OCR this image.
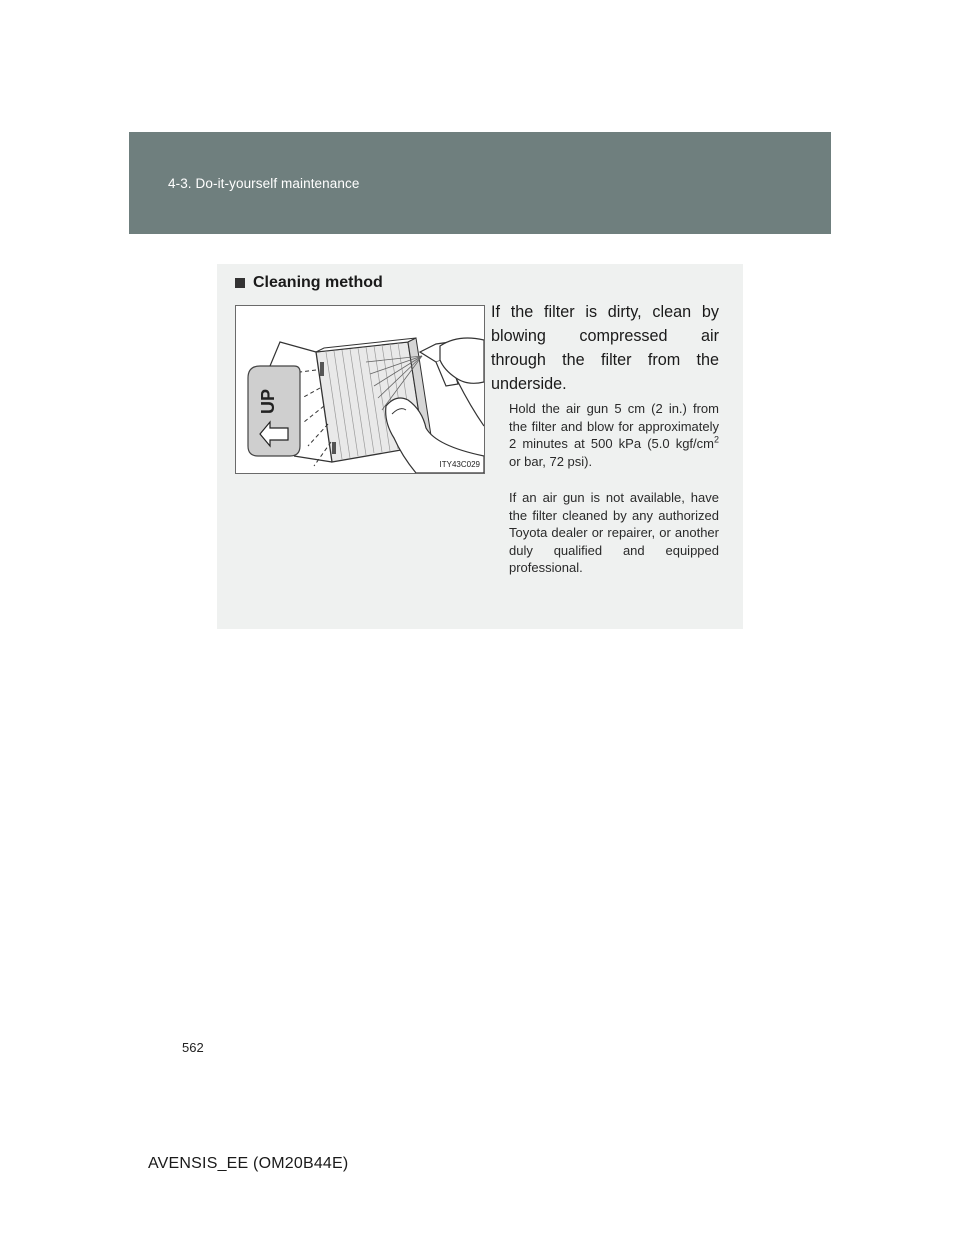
4-3. Do-it-yourself maintenance
Cleaning method
UP
ITY43C029
If the filter is dirty, clean by blowing compressed air through the filter from the underside.
Hold the air gun 5 cm (2 in.) from the filter and blow for approximately 2 minutes at 500 kPa (5.0 kgf/$cm^2$ or bar, 72 psi).
If an air gun is not available, have the filter cleaned by any authorized Toyota dealer or repairer, or another duly qualified and equipped professional.
562
AVENSIS_EE (OM20B44E)
